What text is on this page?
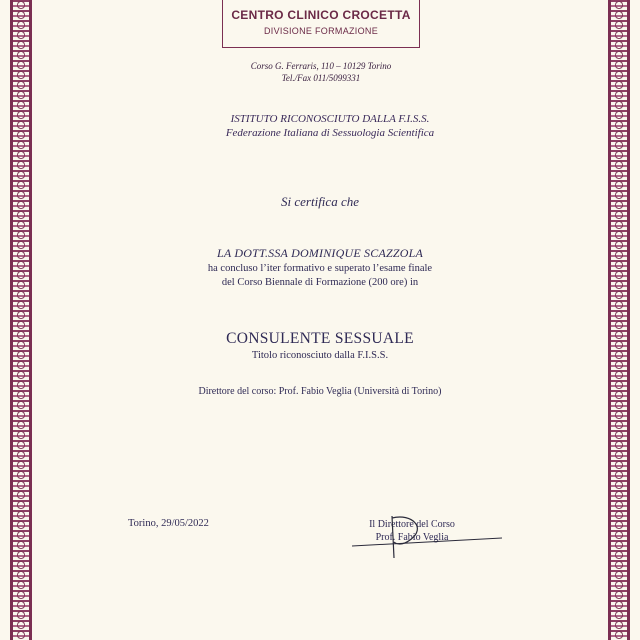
CENTRO CLINICO CROCETTA
DIVISIONE FORMAZIONE
Corso G. Ferraris, 110 – 10129 Torino
Tel./Fax 011/5099331
ISTITUTO RICONOSCIUTO DALLA F.I.S.S.
Federazione Italiana di Sessuologia Scientifica
Si certifica che
LA DOTT.SSA DOMINIQUE SCAZZOLA
ha concluso l’iter formativo e superato l’esame finale
del Corso Biennale di Formazione (200 ore) in
CONSULENTE SESSUALE
Titolo riconosciuto dalla F.I.S.S.
Direttore del corso: Prof. Fabio Veglia (Università di Torino)
Torino, 29/05/2022	Il Direttore del Corso
Prof. Fabio Veglia
